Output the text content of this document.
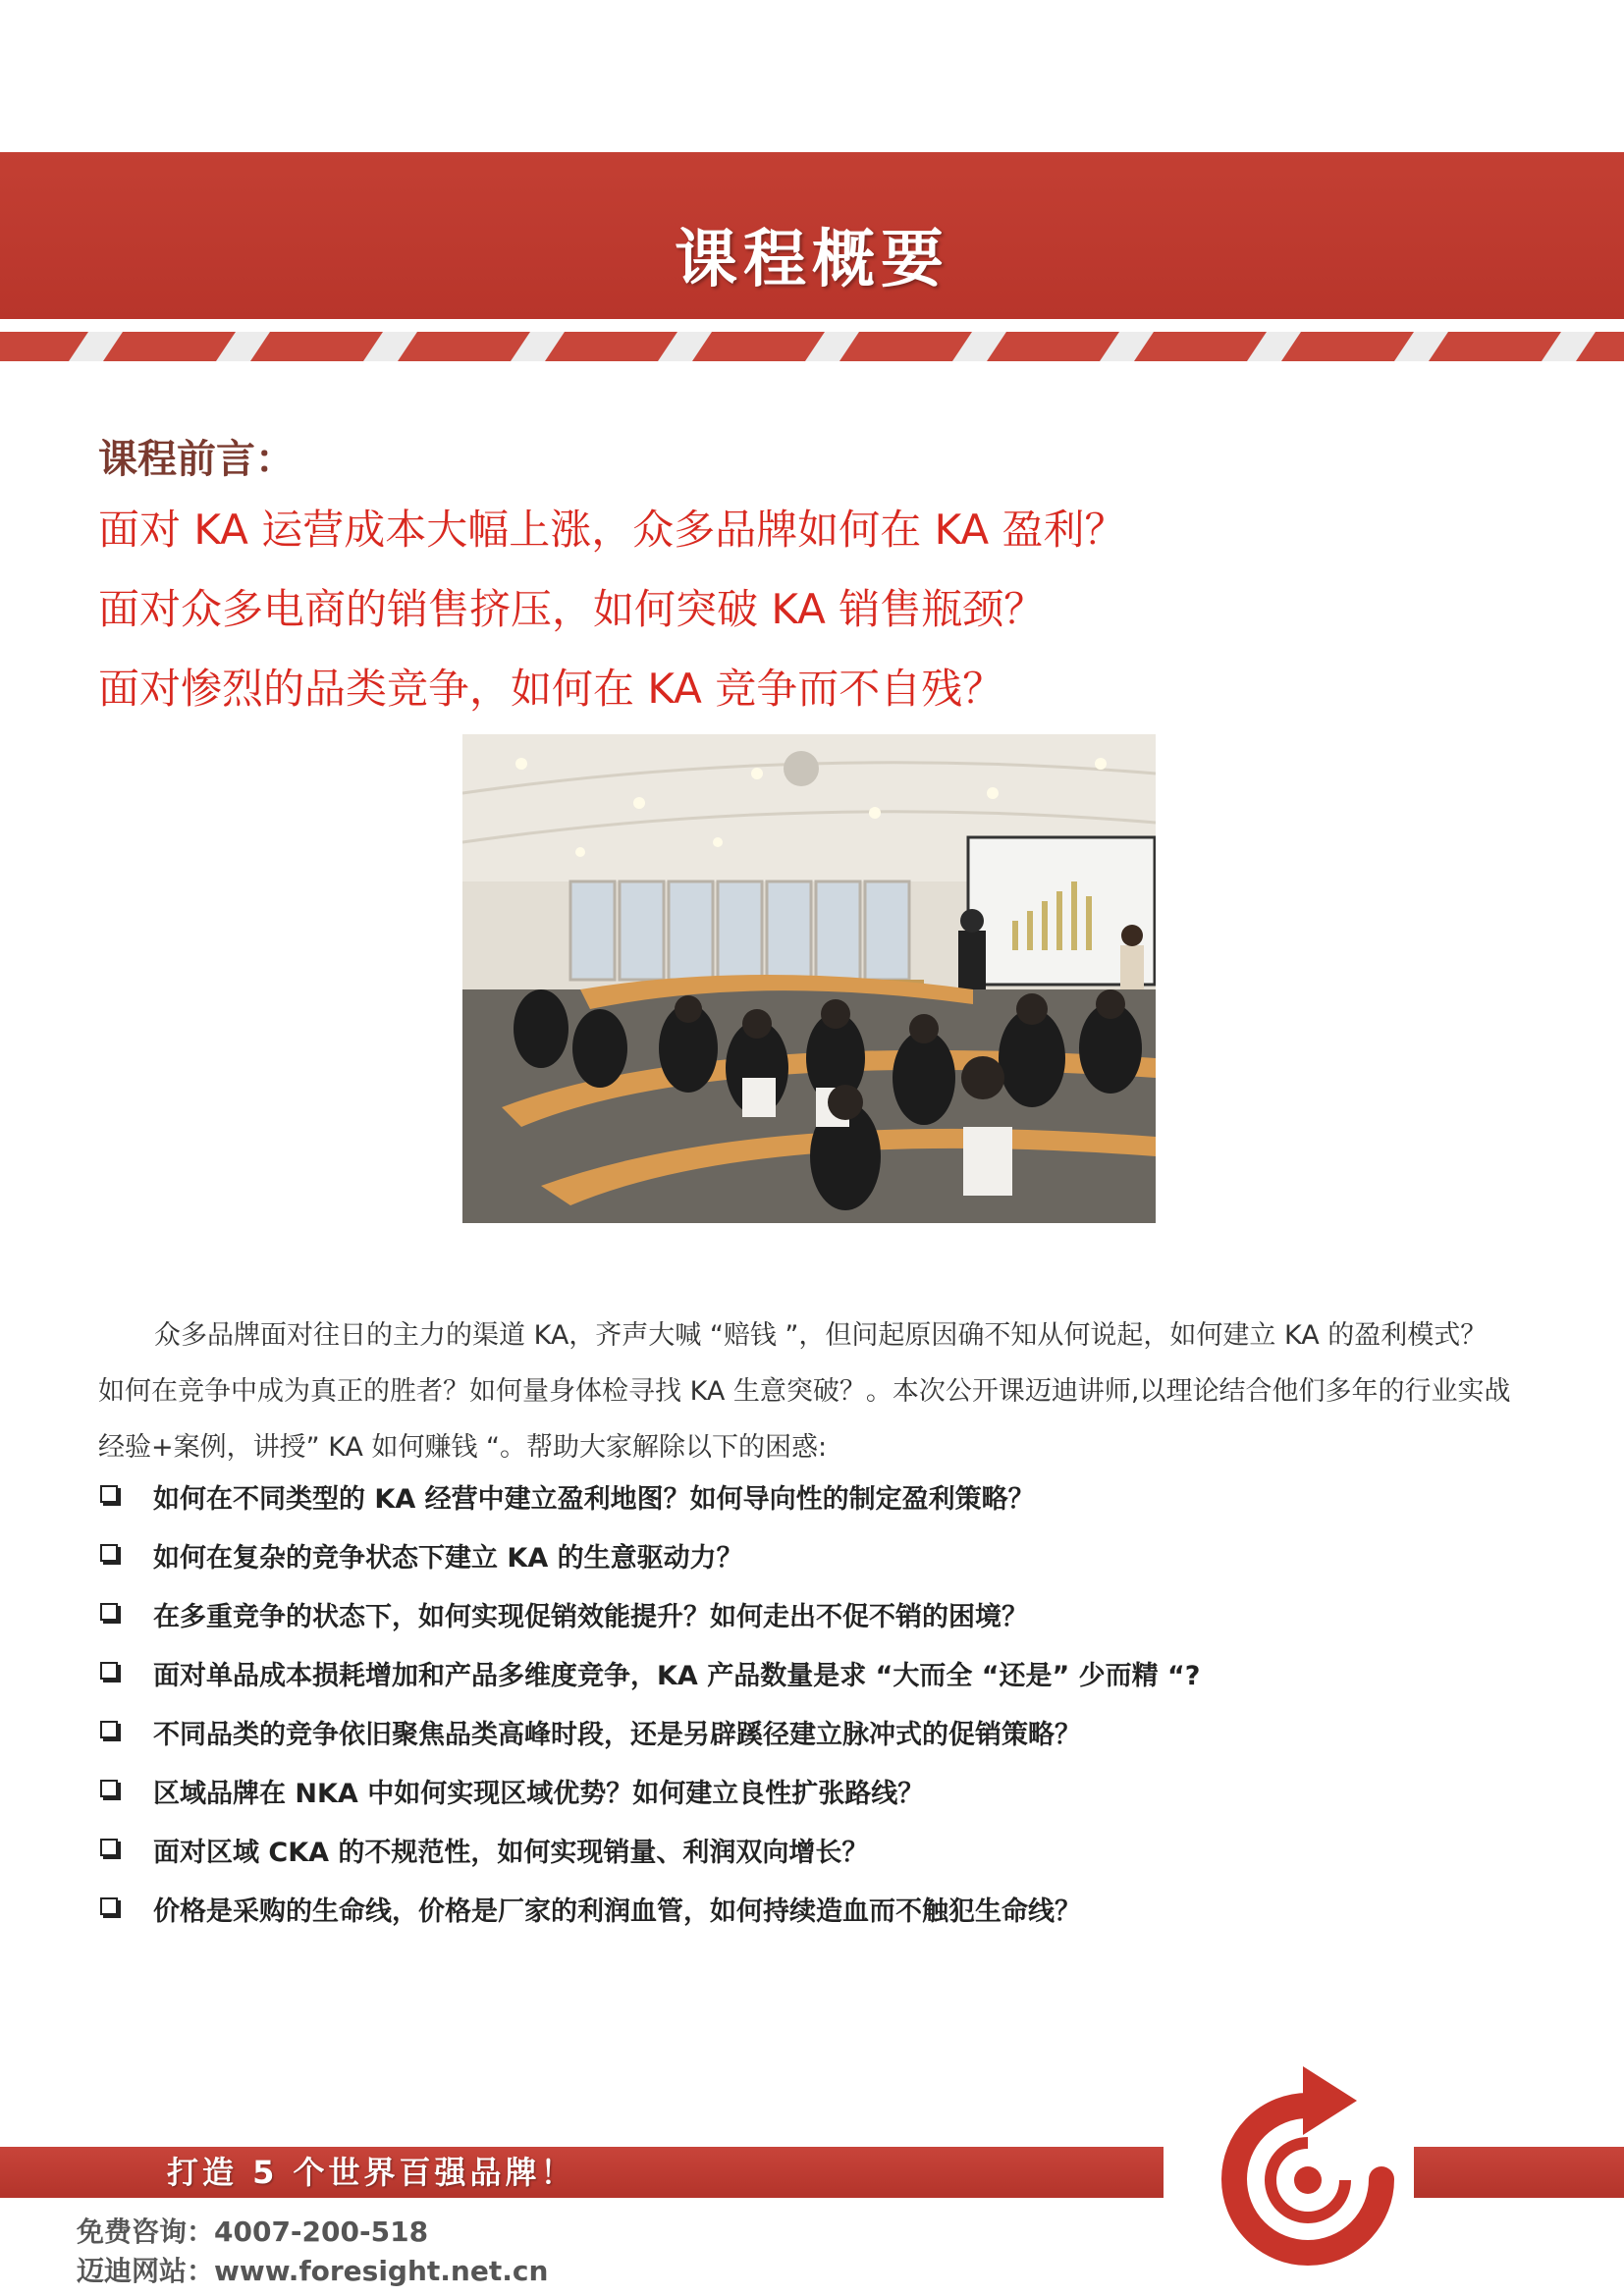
课程概要
课程前言：
面对 KA 运营成本大幅上涨，众多品牌如何在 KA 盈利？
面对众多电商的销售挤压，如何突破 KA 销售瓶颈？
面对惨烈的品类竞争，如何在 KA 竞争而不自残？
众多品牌面对往日的主力的渠道 KA，齐声大喊 “赔钱 ”，但问起原因确不知从何说起，如何建立 KA 的盈利模式？
如何在竞争中成为真正的胜者？如何量身体检寻找 KA 生意突破？。本次公开课迈迪讲师,以理论结合他们多年的行业实战
经验+案例，讲授” KA 如何赚钱 “。帮助大家解除以下的困惑:
如何在不同类型的 KA 经营中建立盈利地图？如何导向性的制定盈利策略？
如何在复杂的竞争状态下建立 KA 的生意驱动力？
在多重竞争的状态下，如何实现促销效能提升？如何走出不促不销的困境？
面对单品成本损耗增加和产品多维度竞争，KA 产品数量是求 “大而全 “还是” 少而精 “?
不同品类的竞争依旧聚焦品类高峰时段，还是另辟蹊径建立脉冲式的促销策略？
区域品牌在 NKA 中如何实现区域优势？如何建立良性扩张路线？
面对区域 CKA 的不规范性，如何实现销量、利润双向增长？
价格是采购的生命线，价格是厂家的利润血管，如何持续造血而不触犯生命线？
打造 5 个世界百强品牌！
免费咨询：4007-200-518
迈迪网站：www.foresight.net.cn
